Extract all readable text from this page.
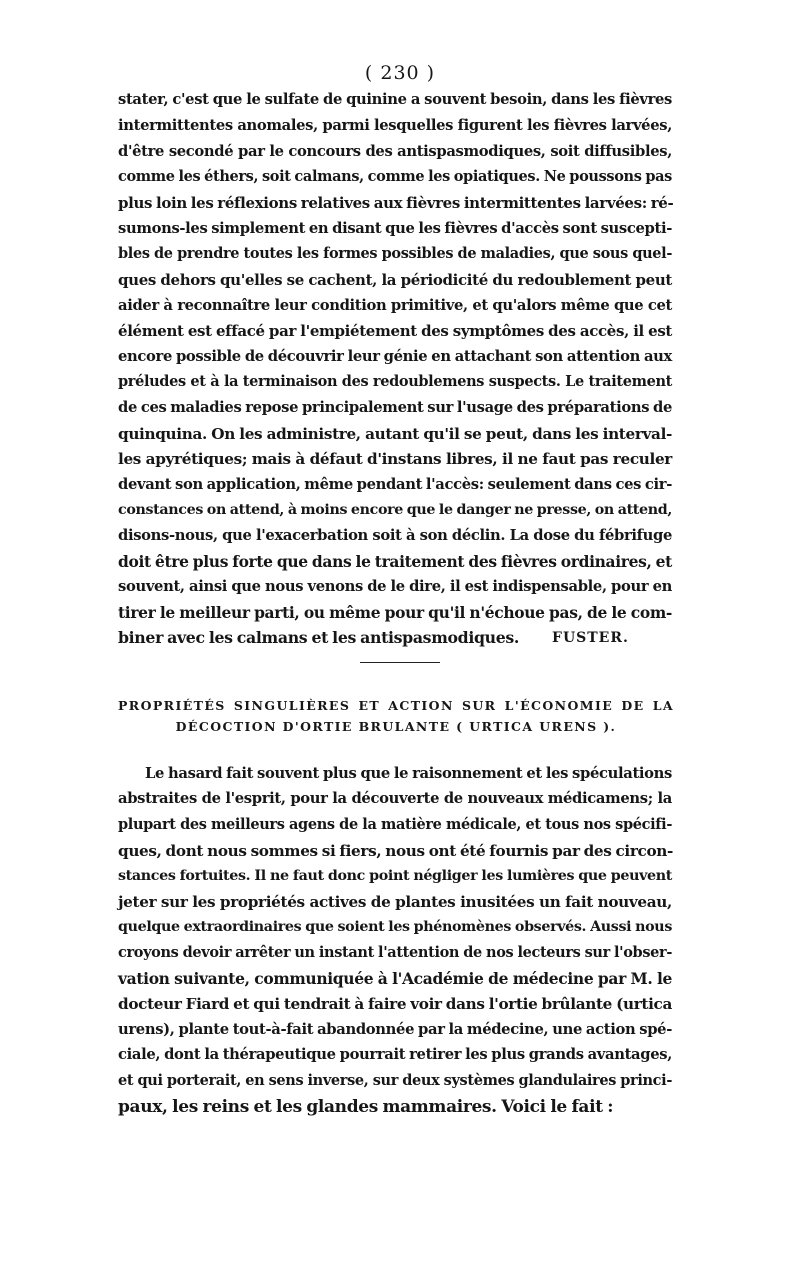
( 230 )
stater, c'est que le sulfate de quinine a souvent besoin, dans les fièvres
intermittentes anomales, parmi lesquelles figurent les fièvres larvées,
d'être secondé par le concours des antispasmodiques, soit diffusibles,
comme les éthers, soit calmans, comme les opiatiques. Ne poussons pas
plus loin les réflexions relatives aux fièvres intermittentes larvées: ré-
sumons-les simplement en disant que les fièvres d'accès sont suscepti-
bles de prendre toutes les formes possibles de maladies, que sous quel-
ques dehors qu'elles se cachent, la périodicité du redoublement peut
aider à reconnaître leur condition primitive, et qu'alors même que cet
élément est effacé par l'empiétement des symptômes des accès, il est
encore possible de découvrir leur génie en attachant son attention aux
préludes et à la terminaison des redoublemens suspects. Le traitement
de ces maladies repose principalement sur l'usage des préparations de
quinquina. On les administre, autant qu'il se peut, dans les interval-
les apyrétiques; mais à défaut d'instans libres, il ne faut pas reculer
devant son application, même pendant l'accès: seulement dans ces cir-
constances on attend, à moins encore que le danger ne presse, on attend,
disons-nous, que l'exacerbation soit à son déclin. La dose du fébrifuge
doit être plus forte que dans le traitement des fièvres ordinaires, et
souvent, ainsi que nous venons de le dire, il est indispensable, pour en
tirer le meilleur parti, ou même pour qu'il n'échoue pas, de le com-
biner avec les calmans et les antispasmodiques. FUSTER.
PROPRIÉTÉS SINGULIÈRES ET ACTION SUR L'ÉCONOMIE DE LA
DÉCOCTION D'ORTIE BRULANTE ( URTICA URENS ).
Le hasard fait souvent plus que le raisonnement et les spéculations
abstraites de l'esprit, pour la découverte de nouveaux médicamens; la
plupart des meilleurs agens de la matière médicale, et tous nos spécifi-
ques, dont nous sommes si fiers, nous ont été fournis par des circon-
stances fortuites. Il ne faut donc point négliger les lumières que peuvent
jeter sur les propriétés actives de plantes inusitées un fait nouveau,
quelque extraordinaires que soient les phénomènes observés. Aussi nous
croyons devoir arrêter un instant l'attention de nos lecteurs sur l'obser-
vation suivante, communiquée à l'Académie de médecine par M. le
docteur Fiard et qui tendrait à faire voir dans l'ortie brûlante (urtica
urens), plante tout-à-fait abandonnée par la médecine, une action spé-
ciale, dont la thérapeutique pourrait retirer les plus grands avantages,
et qui porterait, en sens inverse, sur deux systèmes glandulaires princi-
paux, les reins et les glandes mammaires. Voici le fait :
